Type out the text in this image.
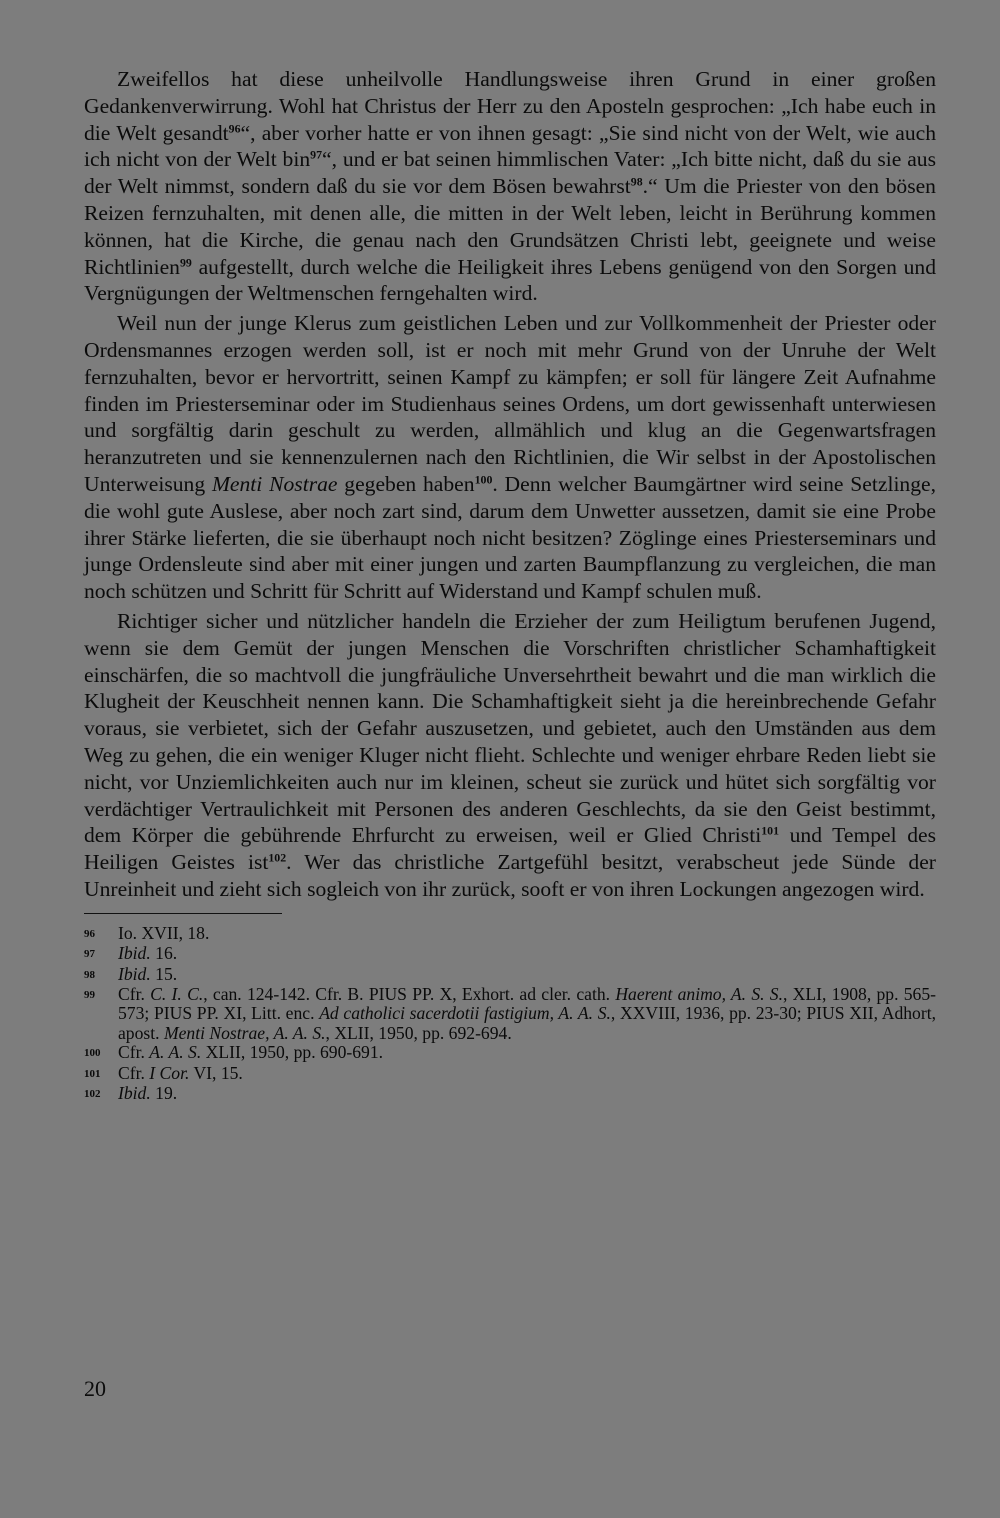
Zweifellos hat diese unheilvolle Handlungsweise ihren Grund in einer großen Gedankenverwirrung. Wohl hat Christus der Herr zu den Aposteln gesprochen: „Ich habe euch in die Welt gesandt$^{96}$“, aber vorher hatte er von ihnen gesagt: „Sie sind nicht von der Welt, wie auch ich nicht von der Welt bin$^{97}$“, und er bat seinen himmlischen Vater: „Ich bitte nicht, daß du sie aus der Welt nimmst, sondern daß du sie vor dem Bösen bewahrst$^{98}$.“ Um die Priester von den bösen Reizen fernzuhalten, mit denen alle, die mitten in der Welt leben, leicht in Berührung kommen können, hat die Kirche, die genau nach den Grundsätzen Christi lebt, geeignete und weise Richtlinien$^{99}$ aufgestellt, durch welche die Heiligkeit ihres Lebens genügend von den Sorgen und Vergnügungen der Weltmenschen ferngehalten wird.

Weil nun der junge Klerus zum geistlichen Leben und zur Vollkommenheit der Priester oder Ordensmannes erzogen werden soll, ist er noch mit mehr Grund von der Unruhe der Welt fernzuhalten, bevor er hervortritt, seinen Kampf zu kämpfen; er soll für längere Zeit Aufnahme finden im Priesterseminar oder im Studienhaus seines Ordens, um dort gewissenhaft unterwiesen und sorgfältig darin geschult zu werden, allmählich und klug an die Gegenwartsfragen heranzutreten und sie kennenzulernen nach den Richtlinien, die Wir selbst in der Apostolischen Unterweisung Menti Nostrae gegeben haben$^{100}$. Denn welcher Baumgärtner wird seine Setzlinge, die wohl gute Auslese, aber noch zart sind, darum dem Unwetter aussetzen, damit sie eine Probe ihrer Stärke lieferten, die sie überhaupt noch nicht besitzen? Zöglinge eines Priesterseminars und junge Ordensleute sind aber mit einer jungen und zarten Baumpflanzung zu vergleichen, die man noch schützen und Schritt für Schritt auf Widerstand und Kampf schulen muß.

Richtiger sicher und nützlicher handeln die Erzieher der zum Heiligtum berufenen Jugend, wenn sie dem Gemüt der jungen Menschen die Vorschriften christlicher Schamhaftigkeit einschärfen, die so machtvoll die jungfräuliche Unversehrtheit bewahrt und die man wirklich die Klugheit der Keuschheit nennen kann. Die Schamhaftigkeit sieht ja die hereinbrechende Gefahr voraus, sie verbietet, sich der Gefahr auszusetzen, und gebietet, auch den Umständen aus dem Weg zu gehen, die ein weniger Kluger nicht flieht. Schlechte und weniger ehrbare Reden liebt sie nicht, vor Unziemlichkeiten auch nur im kleinen, scheut sie zurück und hütet sich sorgfältig vor verdächtiger Vertraulichkeit mit Personen des anderen Geschlechts, da sie den Geist bestimmt, dem Körper die gebührende Ehrfurcht zu erweisen, weil er Glied Christi$^{101}$ und Tempel des Heiligen Geistes ist$^{102}$. Wer das christliche Zartgefühl besitzt, verabscheut jede Sünde der Unreinheit und zieht sich sogleich von ihr zurück, sooft er von ihren Lockungen angezogen wird.

96	Io. XVII, 18.
97	Ibid. 16.
98	Ibid. 15.
99	Cfr. C. I. C., can. 124-142. Cfr. B. PIUS PP. X, Exhort. ad cler. cath. Haerent animo, A. S. S., XLI, 1908, pp. 565-573; PIUS PP. XI, Litt. enc. Ad catholici sacerdotii fastigium, A. A. S., XXVIII, 1936, pp. 23-30; PIUS XII, Adhort, apost. Menti Nostrae, A. A. S., XLII, 1950, pp. 692-694.
100 Cfr. A. A. S. XLII, 1950, pp. 690-691.
101 Cfr. I Cor. VI, 15.
102 Ibid. 19.
20
